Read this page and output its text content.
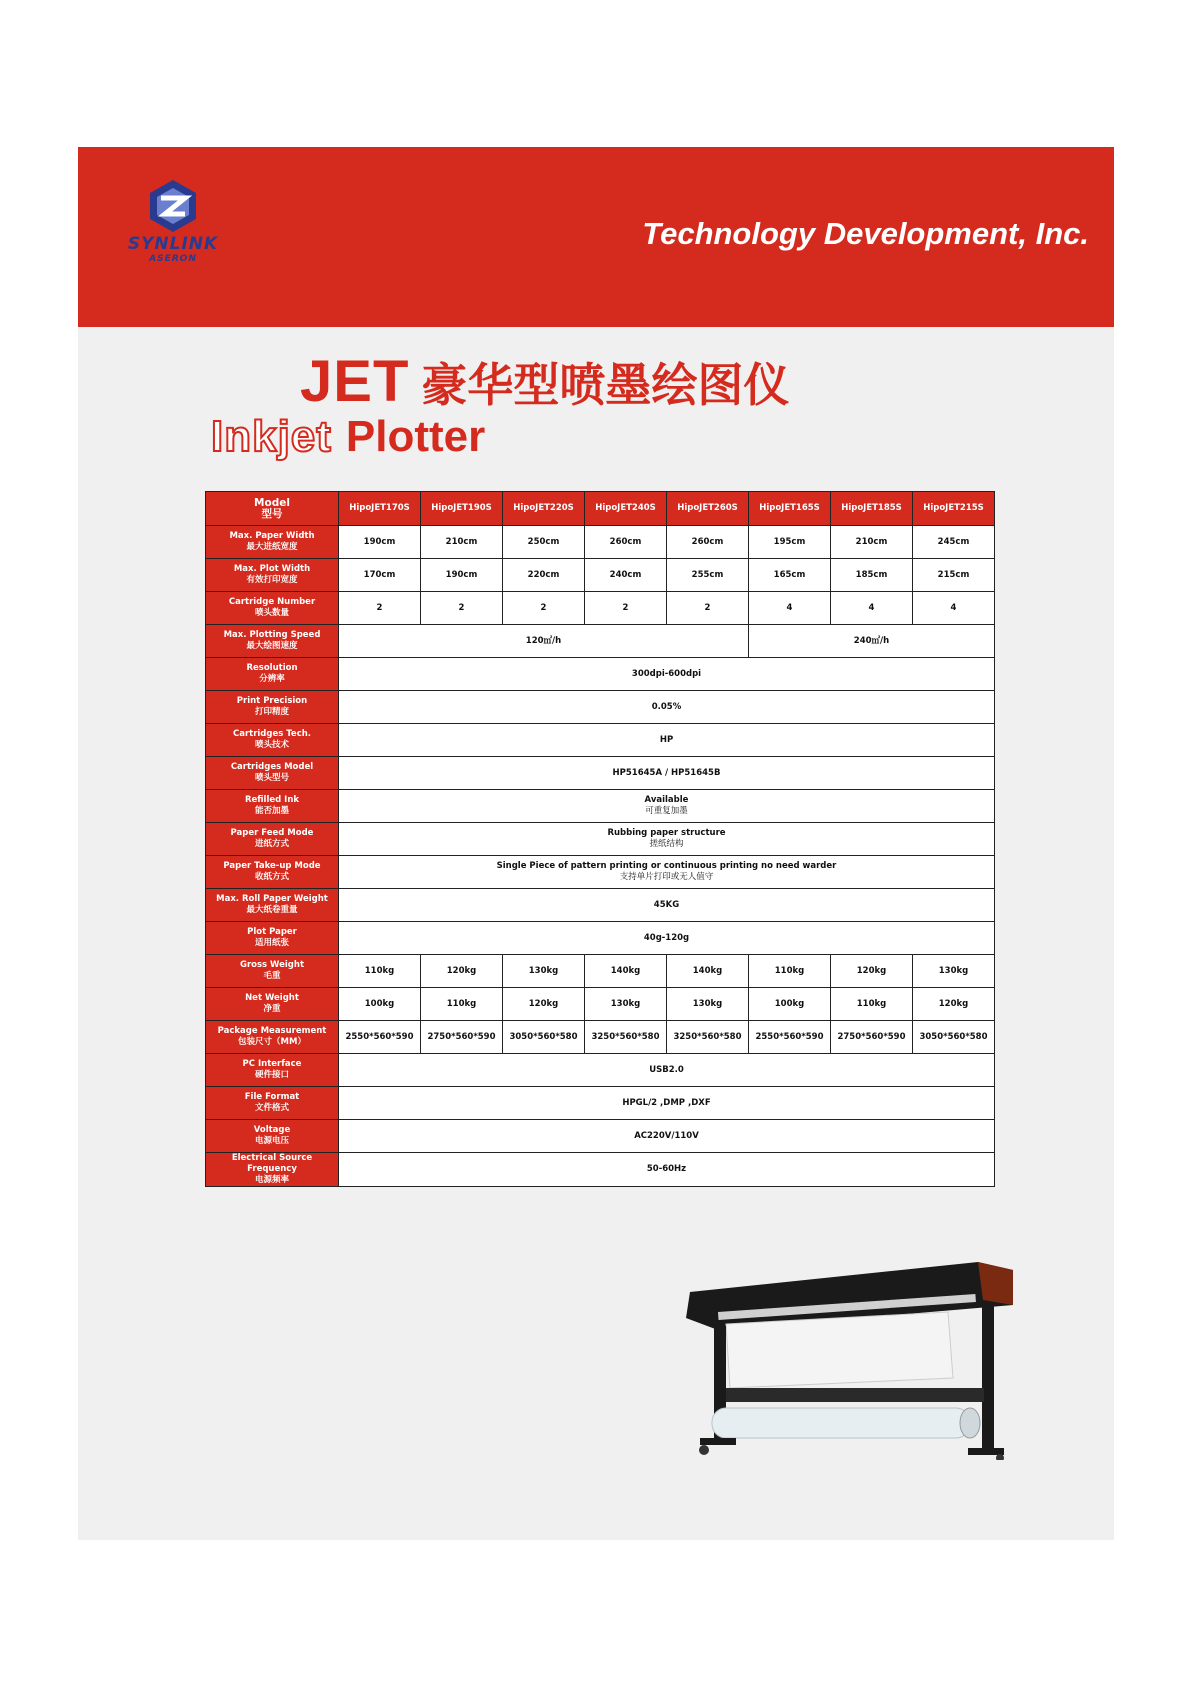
SYNLINK
ASERON
Technology Development, Inc.
JET 豪华型喷墨绘图仪
Inkjet Plotter
Model
型号	HipoJET170S	HipoJET190S	HipoJET220S	HipoJET240S	HipoJET260S	HipoJET165S	HipoJET185S	HipoJET215S

Max. Paper Width
最大进纸宽度	190cm	210cm	250cm	260cm	260cm	195cm	210cm	245cm

Max. Plot Width
有效打印宽度	170cm	190cm	220cm	240cm	255cm	165cm	185cm	215cm

Cartridge Number
喷头数量	2	2	2	2	2	4	4	4

Max. Plotting Speed
最大绘图速度	120㎡/h					240㎡/h		

Resolution
分辨率	300dpi-600dpi							

Print Precision
打印精度	0.05%							

Cartridges Tech.
喷头技术	HP							

Cartridges Model
喷头型号	HP51645A / HP51645B							

Refilled Ink
能否加墨	Available
可重复加墨							

Paper Feed Mode
进纸方式	Rubbing paper structure
搓纸结构							

Paper Take-up Mode
收纸方式	Single Piece of pattern printing or continuous printing no need warder
支持单片打印或无人值守							

Max. Roll Paper Weight
最大纸卷重量	45KG							

Plot Paper
适用纸张	40g-120g							

Gross Weight
毛重	110kg	120kg	130kg	140kg	140kg	110kg	120kg	130kg

Net Weight
净重	100kg	110kg	120kg	130kg	130kg	100kg	110kg	120kg

Package Measurement
包装尺寸（MM）	2550*560*590	2750*560*590	3050*560*580	3250*560*580	3250*560*580	2550*560*590	2750*560*590	3050*560*580

PC Interface
硬件接口	USB2.0							

File Format
文件格式	HPGL/2 ,DMP ,DXF							

Voltage
电源电压	AC220V/110V							

Electrical Source Frequency
电源频率	50-60Hz							
